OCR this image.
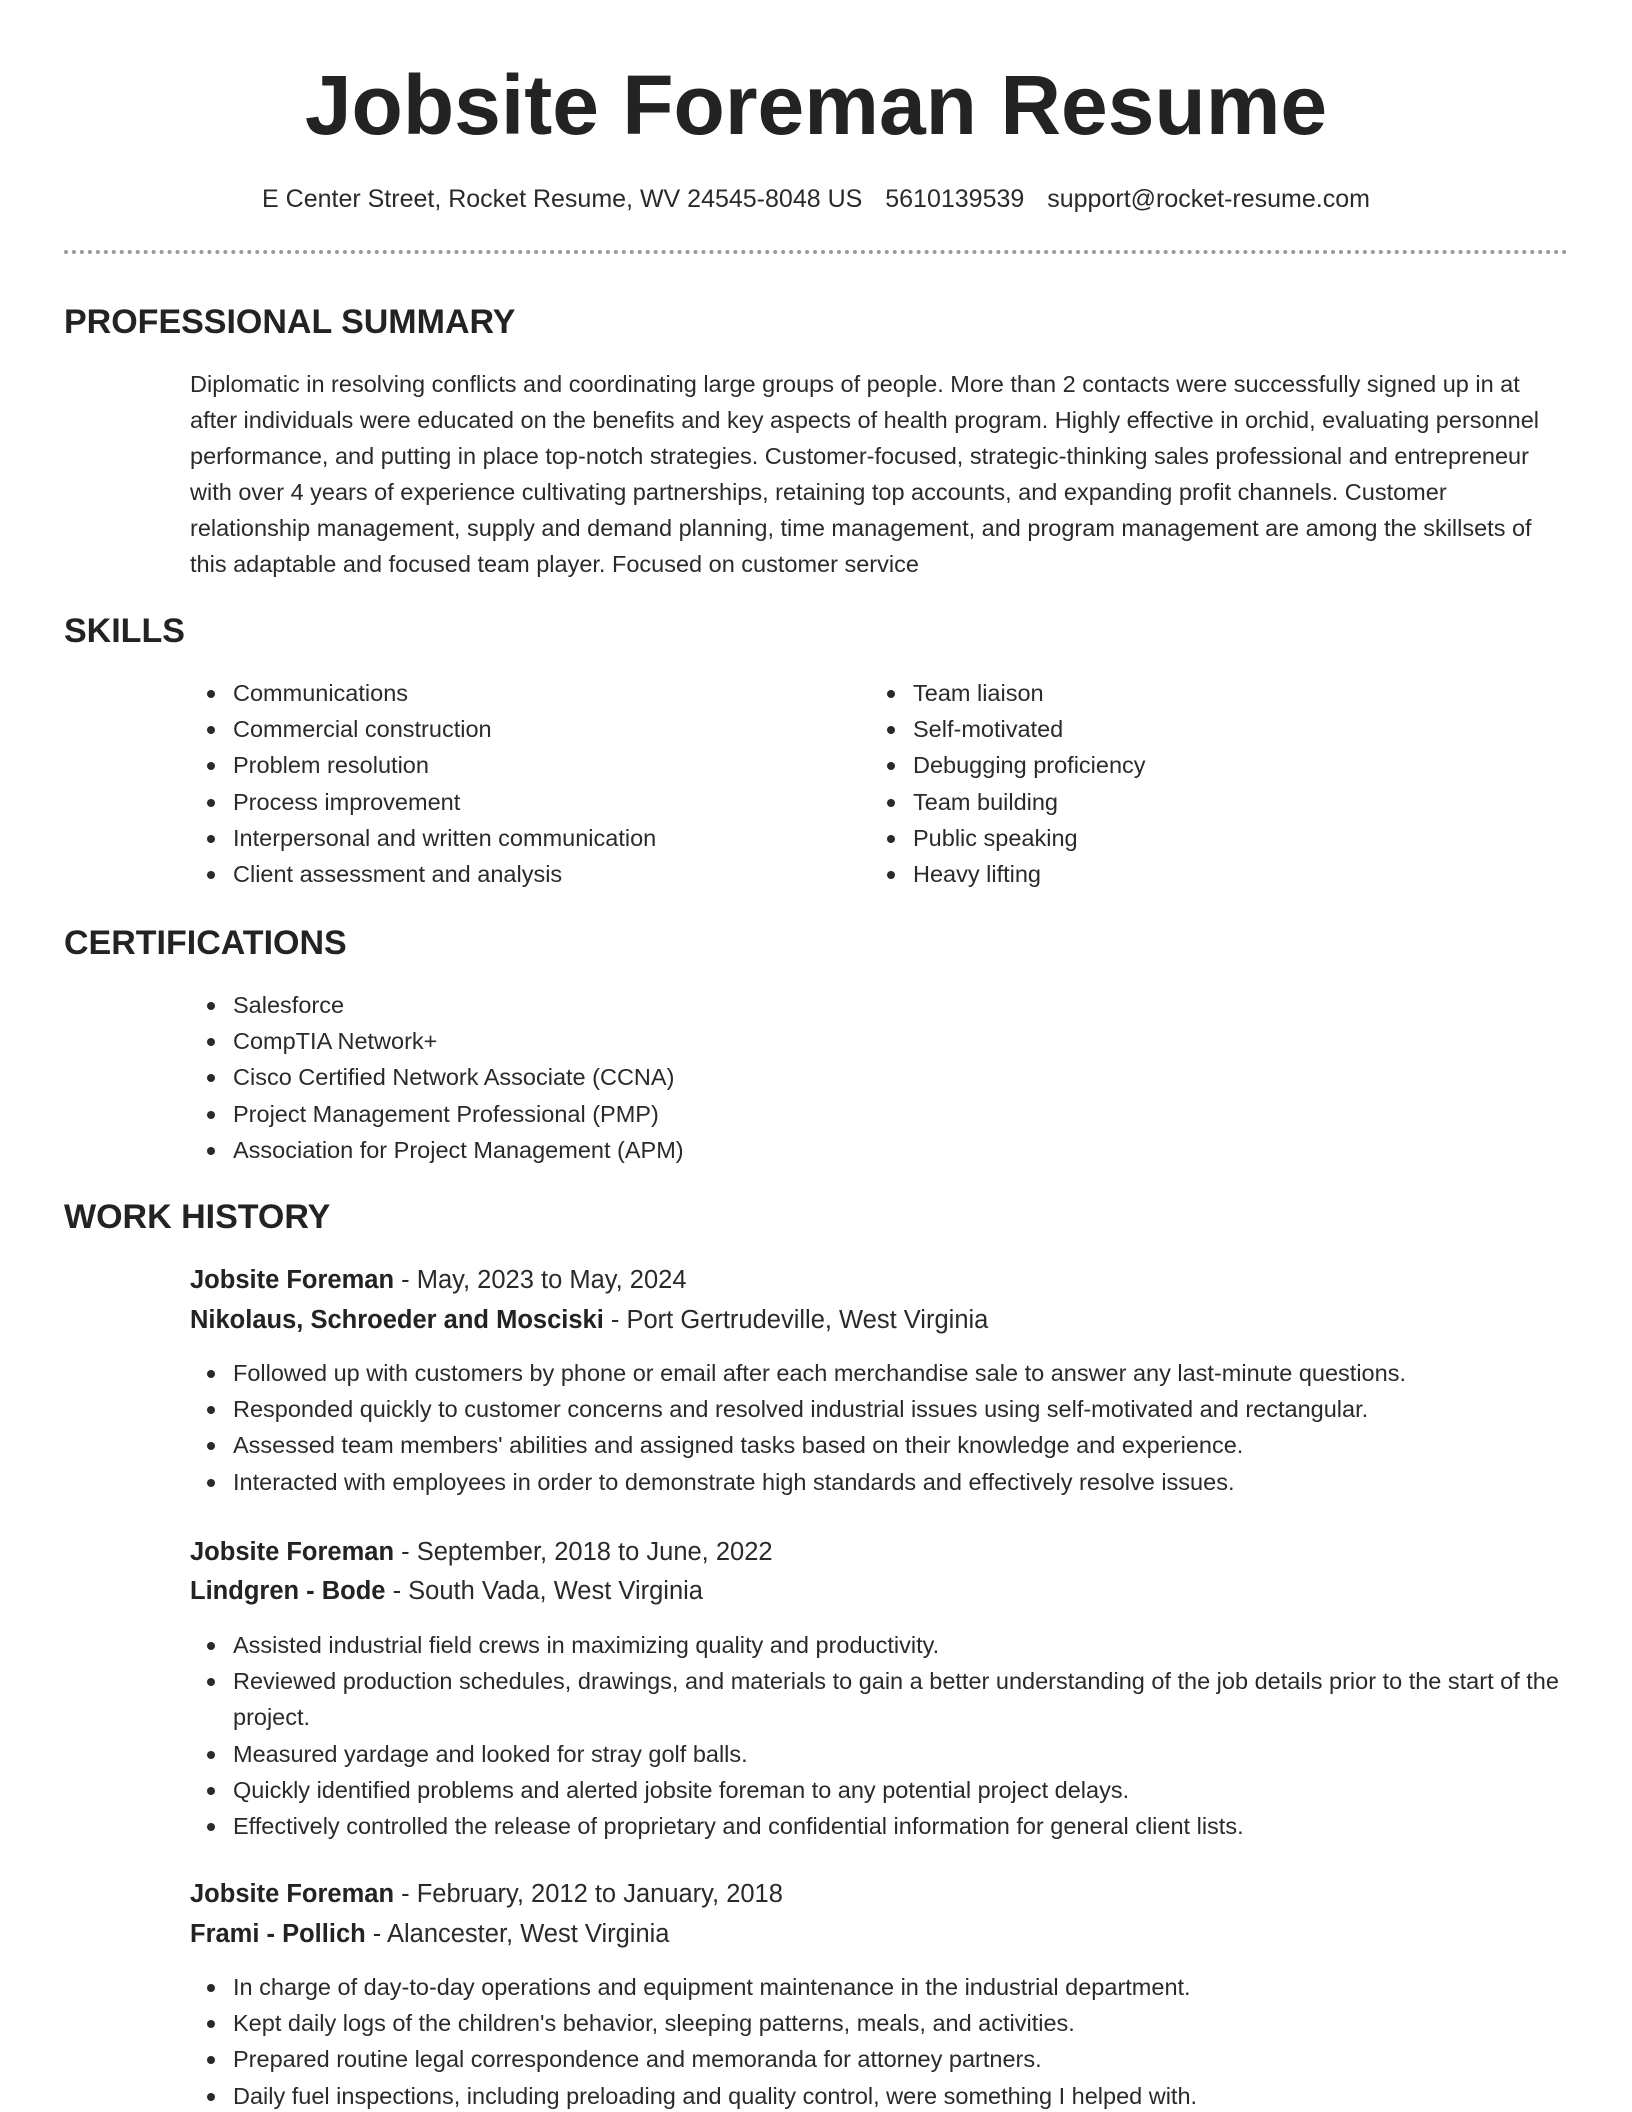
Jobsite Foreman Resume
E Center Street, Rocket Resume, WV 24545-8048 US 5610139539 support@rocket-resume.com
PROFESSIONAL SUMMARY

Diplomatic in resolving conflicts and coordinating large groups of people. More than 2 contacts were successfully signed up in at after individuals were educated on the benefits and key aspects of health program. Highly effective in orchid, evaluating personnel performance, and putting in place top-notch strategies. Customer-focused, strategic-thinking sales professional and entrepreneur with over 4 years of experience cultivating partnerships, retaining top accounts, and expanding profit channels. Customer relationship management, supply and demand planning, time management, and program management are among the skillsets of this adaptable and focused team player. Focused on customer service

SKILLS
Communications
Commercial construction
Problem resolution
Process improvement
Interpersonal and written communication
Client assessment and analysis
Team liaison
Self-motivated
Debugging proficiency
Team building
Public speaking
Heavy lifting
CERTIFICATIONS
Salesforce
CompTIA Network+
Cisco Certified Network Associate (CCNA)
Project Management Professional (PMP)
Association for Project Management (APM)
WORK HISTORY
Jobsite Foreman - May, 2023 to May, 2024
Nikolaus, Schroeder and Mosciski - Port Gertrudeville, West Virginia
Followed up with customers by phone or email after each merchandise sale to answer any last-minute questions.
Responded quickly to customer concerns and resolved industrial issues using self-motivated and rectangular.
Assessed team members' abilities and assigned tasks based on their knowledge and experience.
Interacted with employees in order to demonstrate high standards and effectively resolve issues.
Jobsite Foreman - September, 2018 to June, 2022
Lindgren - Bode - South Vada, West Virginia
Assisted industrial field crews in maximizing quality and productivity.
Reviewed production schedules, drawings, and materials to gain a better understanding of the job details prior to the start of the project.
Measured yardage and looked for stray golf balls.
Quickly identified problems and alerted jobsite foreman to any potential project delays.
Effectively controlled the release of proprietary and confidential information for general client lists.
Jobsite Foreman - February, 2012 to January, 2018
Frami - Pollich - Alancester, West Virginia
In charge of day-to-day operations and equipment maintenance in the industrial department.
Kept daily logs of the children's behavior, sleeping patterns, meals, and activities.
Prepared routine legal correspondence and memoranda for attorney partners.
Daily fuel inspections, including preloading and quality control, were something I helped with.
